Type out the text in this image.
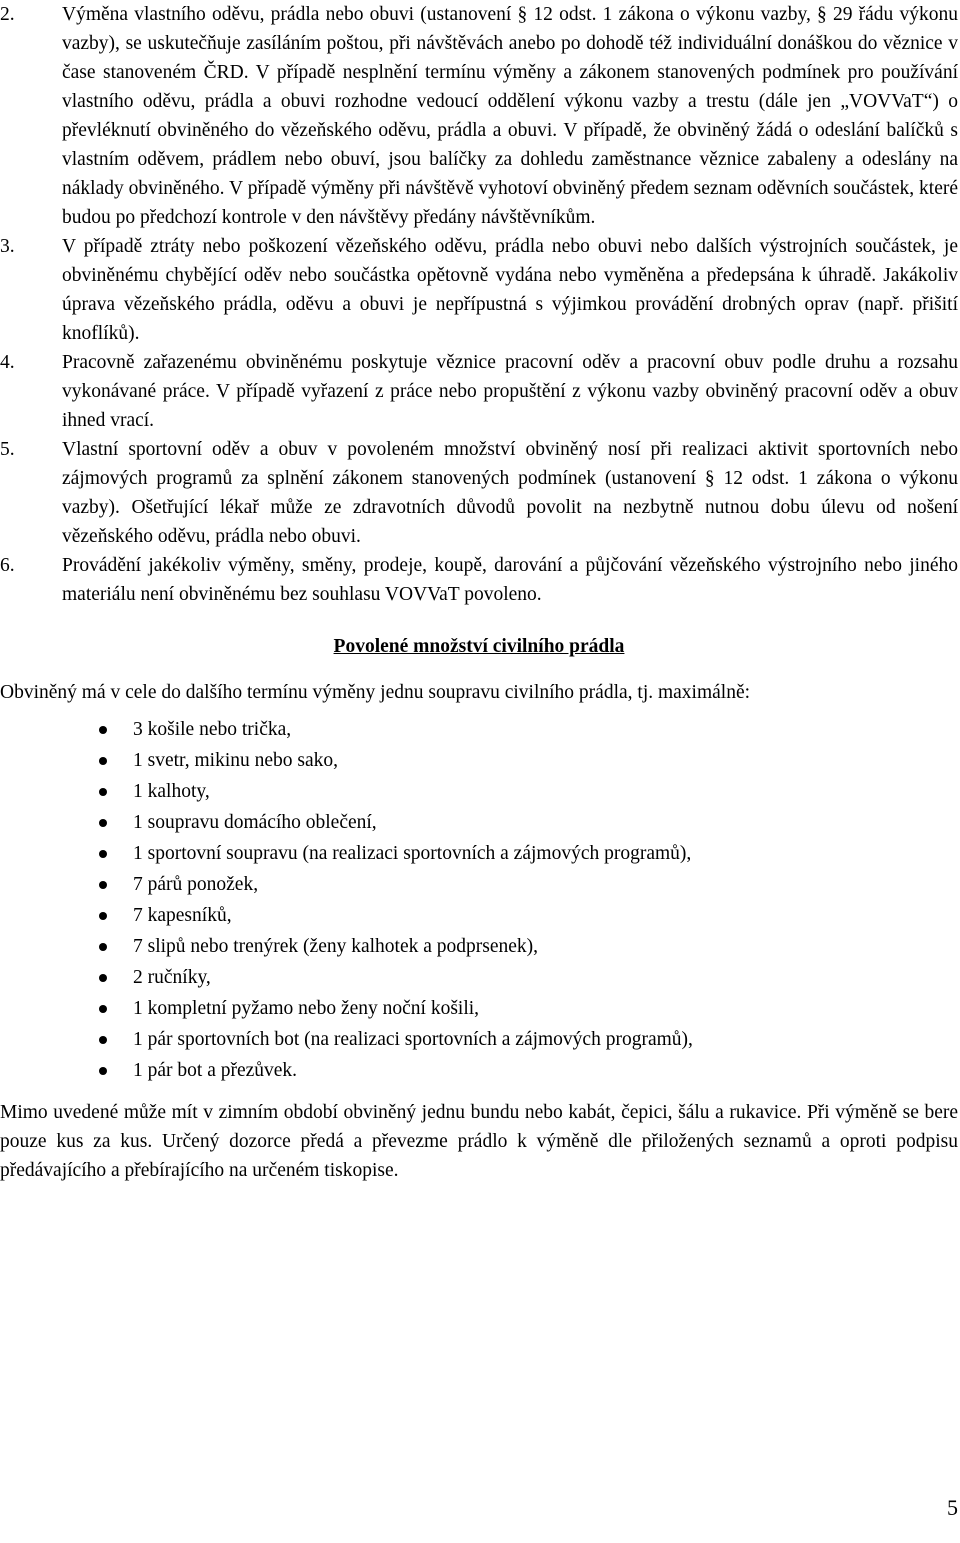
2. Výměna vlastního oděvu, prádla nebo obuvi (ustanovení § 12 odst. 1 zákona o výkonu vazby, § 29 řádu výkonu vazby), se uskutečňuje zasíláním poštou, při návštěvách anebo po dohodě též individuální donáškou do věznice v čase stanoveném ČRD. V případě nesplnění termínu výměny a zákonem stanovených podmínek pro používání vlastního oděvu, prádla a obuvi rozhodne vedoucí oddělení výkonu vazby a trestu (dále jen „VOVVaT“) o převléknutí obviněného do vězeňského oděvu, prádla a obuvi. V případě, že obviněný žádá o odeslání balíčků s vlastním oděvem, prádlem nebo obuví, jsou balíčky za dohledu zaměstnance věznice zabaleny a odeslány na náklady obviněného. V případě výměny při návštěvě vyhotoví obviněný předem seznam oděvních součástek, které budou po předchozí kontrole v den návštěvy předány návštěvníkům.
3. V případě ztráty nebo poškození vězeňského oděvu, prádla nebo obuvi nebo dalších výstrojních součástek, je obviněnému chybějící oděv nebo součástka opětovně vydána nebo vyměněna a předepsána k úhradě. Jakákoliv úprava vězeňského prádla, oděvu a obuvi je nepřípustná s výjimkou provádění drobných oprav (např. přišití knoflíků).
4. Pracovně zařazenému obviněnému poskytuje věznice pracovní oděv a pracovní obuv podle druhu a rozsahu vykonávané práce. V případě vyřazení z práce nebo propuštění z výkonu vazby obviněný pracovní oděv a obuv ihned vrací.
5. Vlastní sportovní oděv a obuv v povoleném množství obviněný nosí při realizaci aktivit sportovních nebo zájmových programů za splnění zákonem stanovených podmínek (ustanovení § 12 odst. 1 zákona o výkonu vazby). Ošetřující lékař může ze zdravotních důvodů povolit na nezbytně nutnou dobu úlevu od nošení vězeňského oděvu, prádla nebo obuvi.
6. Provádění jakékoliv výměny, směny, prodeje, koupě, darování a půjčování vězeňského výstrojního nebo jiného materiálu není obviněnému bez souhlasu VOVVaT povoleno.
Povolené množství civilního prádla

Obviněný má v cele do dalšího termínu výměny jednu soupravu civilního prádla, tj. maximálně:

3 košile nebo trička,
1 svetr, mikinu nebo sako,
1 kalhoty,
1 soupravu domácího oblečení,
1 sportovní soupravu (na realizaci sportovních a zájmových programů),
7 párů ponožek,
7 kapesníků,
7 slipů nebo trenýrek (ženy kalhotek a podprsenek),
2 ručníky,
1 kompletní pyžamo nebo ženy noční košili,
1 pár sportovních bot (na realizaci sportovních a zájmových programů),
1 pár bot a přezůvek.

Mimo uvedené může mít v zimním období obviněný jednu bundu nebo kabát, čepici, šálu a rukavice. Při výměně se bere pouze kus za kus. Určený dozorce předá a převezme prádlo k výměně dle přiložených seznamů a oproti podpisu předávajícího a přebírajícího na určeném tiskopise.

5
